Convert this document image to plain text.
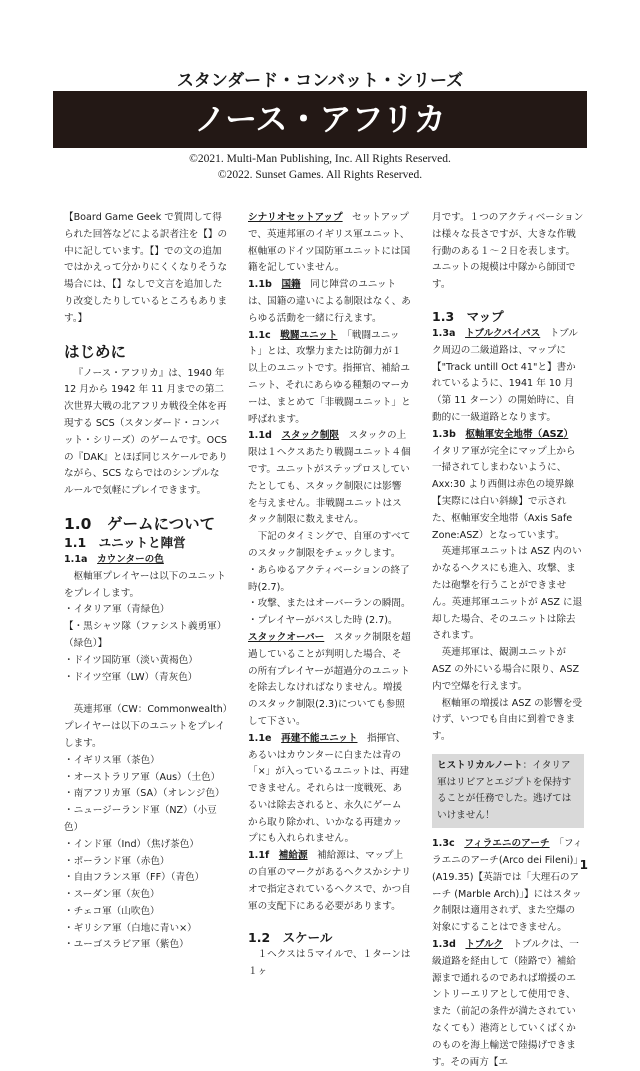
スタンダード・コンバット・シリーズ
ノース・アフリカ
©2021. Multi-Man Publishing, Inc. All Rights Reserved.
©2022. Sunset Games. All Rights Reserved.

【Board Game Geek で質問して得られた回答などによる訳者注を【】の中に記しています。【】での文の追加ではかえって分かりにくくなりそうな場合には、【】なしで文言を追加したり改変したりしているところもあります。】

はじめに

『ノース・アフリカ』は、1940 年 12 月から 1942 年 11 月までの第二次世界大戦の北アフリカ戦役全体を再現する SCS（スタンダード・コンバット・シリーズ）のゲームです。OCS の『DAK』とほぼ同じスケールでありながら、SCS ならではのシンプルなルールで気軽にプレイできます。

1.0　ゲームについて

1.1　ユニットと陣営

1.1a　 カウンターの色

枢軸軍プレイヤーは以下のユニットをプレイします。

・イタリア軍（青緑色）

【・黒シャツ隊（ファシスト義勇軍）（緑色）】

・ドイツ国防軍（淡い黄褐色）

・ドイツ空軍（LW）（青灰色）

英連邦軍（CW：Commonwealth）プレイヤーは以下のユニットをプレイします。

・イギリス軍（茶色）

・オーストラリア軍（Aus）（土色）

・南アフリカ軍（SA）（オレンジ色）

・ニュージーランド軍（NZ）（小豆色）

・インド軍（Ind）（焦げ茶色）

・ポーランド軍（赤色）

・自由フランス軍（FF）（青色）

・スーダン軍（灰色）

・チェコ軍（山吹色）

・ギリシア軍（白地に青い×）

・ユーゴスラビア軍（紫色）

シナリオセットアップ　セットアップで、英連邦軍のイギリス軍ユニット、枢軸軍のドイツ国防軍ユニットには国籍を記していません。

1.1b　 国籍　同じ陣営のユニットは、国籍の違いによる制限はなく、あらゆる活動を一緒に行えます。

1.1c　 戦闘ユニット　「戦闘ユニット」とは、攻撃力または防御力が１以上のユニットです。指揮官、補給ユニット、それにあらゆる種類のマーカーは、まとめて「非戦闘ユニット」と呼ばれます。

1.1d　 スタック制限　スタックの上限は１ヘクスあたり戦闘ユニット４個です。ユニットがステップロスしていたとしても、スタック制限には影響を与えません。非戦闘ユニットはスタック制限に数えません。

下記のタイミングで、自軍のすべてのスタック制限をチェックします。

・あらゆるアクティベーションの終了時(2.7)。

・攻撃、またはオーバーランの瞬間。

・プレイヤーがパスした時 (2.7)。

スタックオーバー　スタック制限を超過していることが判明した場合、その所有プレイヤーが超過分のユニットを除去しなければなりません。増援のスタック制限(2.3)についても参照して下さい。

1.1e　 再建不能ユニット　指揮官、あるいはカウンターに白または青の「×」が入っているユニットは、再建できません。それらは一度戦死、あるいは除去されると、永久にゲームから取り除かれ、いかなる再建カップにも入れられません。

1.1f　 補給源　補給源は、マップ上の自軍のマークがあるヘクスかシナリオで指定されているヘクスで、かつ自軍の支配下にある必要があります。

1.2　スケール

１ヘクスは５マイルで、１ターンは１ヶ

月です。１つのアクティベーションは様々な長さですが、大きな作戦行動のある１～２日を表します。ユニットの規模は中隊から師団です。

1.3　マップ

1.3a　 トブルクバイパス　トブルク周辺の二級道路は、マップに【"Track untill Oct 41"と】書かれているように、1941 年 10 月（第 11 ターン）の開始時に、自動的に一級道路となります。

1.3b　 枢軸軍安全地帯（ASZ）　イタリア軍が完全にマップ上から一掃されてしまわないように、Axx:30 より西側は赤色の境界線【実際には白い斜線】で示された、枢軸軍安全地帯（Axis Safe Zone:ASZ）となっています。

英連邦軍ユニットは ASZ 内のいかなるヘクスにも進入、攻撃、または砲撃を行うことができません。英連邦軍ユニットが ASZ に退却した場合、そのユニットは除去されます。

英連邦軍は、観測ユニットが ASZ の外にいる場合に限り、ASZ 内で空爆を行えます。

枢軸軍の増援は ASZ の影響を受けず、いつでも自由に到着できます。

ヒストリカルノート：イタリア軍はリビアとエジプトを保持することが任務でした。逃げてはいけません！

1.3c　 フィラエニのアーチ　「フィラエニのアーチ(Arco dei Fileni)」(A19.35)【英語では「大理石のアーチ (Marble Arch)」】にはスタック制限は適用されず、また空爆の対象にすることはできません。

1.3d　 トブルク　トブルクは、一級道路を経由して（陸路で）補給源まで通れるのであれば増援のエントリーエリアとして使用でき、また（前記の条件が満たされていなくても）港湾としていくばくかのものを海上輸送で陸揚げできます。その両方【エ

1
